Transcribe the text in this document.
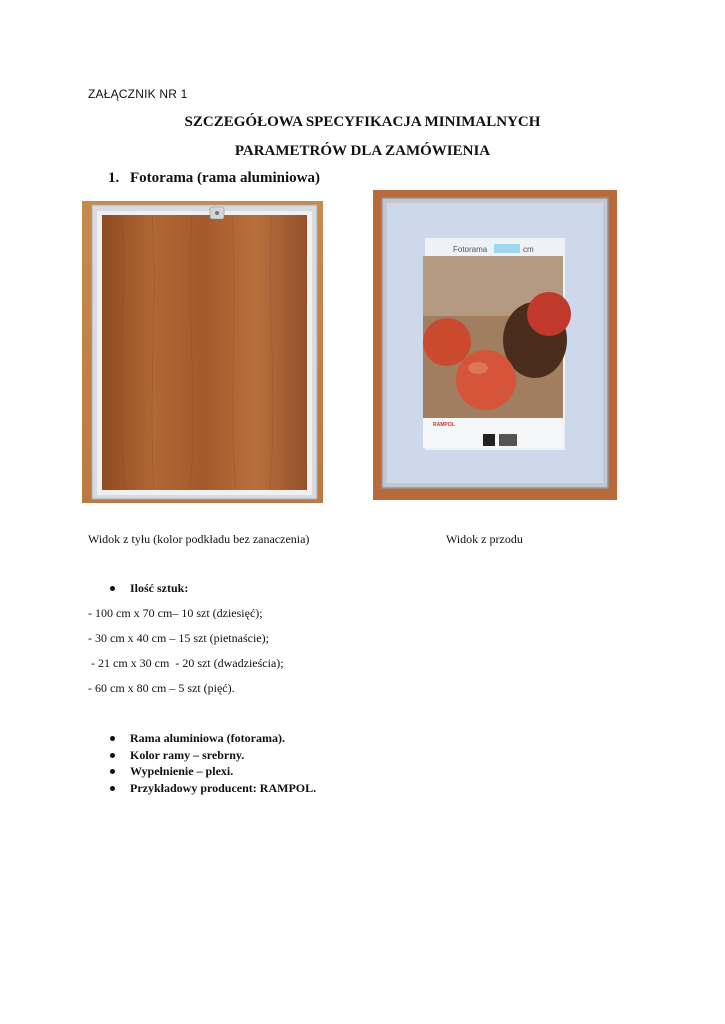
ZAŁĄCZNIK NR 1
SZCZEGÓŁOWA SPECYFIKACJA MINIMALNYCH
PARAMETRÓW DLA ZAMÓWIENIA
1. Fotorama (rama aluminiowa)
Fotorama	cm
RAMPOL
Widok z tyłu (kolor podkładu bez zanaczenia)	Widok z przodu
Ilość sztuk:
- 100 cm x 70 cm– 10 szt (dziesięć);
- 30 cm x 40 cm – 15 szt (pietnaście);
- 21 cm x 30 cm  - 20 szt (dwadzieścia);
- 60 cm x 80 cm – 5 szt (pięć).
Rama aluminiowa (fotorama).
Kolor ramy – srebrny.
Wypełnienie – plexi.
Przykładowy producent: RAMPOL.
